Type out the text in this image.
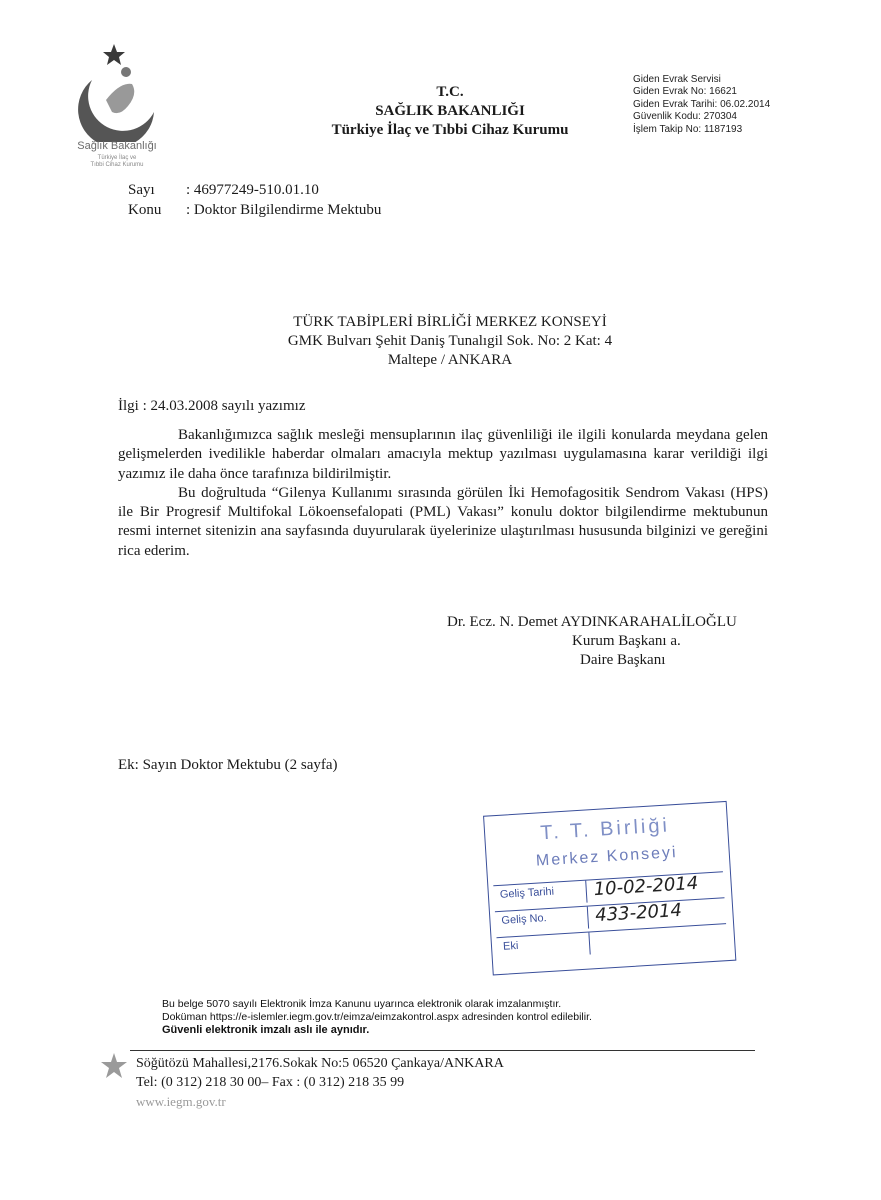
Sağlık Bakanlığı
Türkiye İlaç ve
Tıbbi Cihaz Kurumu
T.C.
SAĞLIK BAKANLIĞI
Türkiye İlaç ve Tıbbi Cihaz Kurumu
Giden Evrak Servisi
Giden Evrak No: 16621
Giden Evrak Tarihi: 06.02.2014
Güvenlik Kodu: 270304
İşlem Takip No: 1187193
Sayı : 46977249-510.01.10
Konu : Doktor Bilgilendirme Mektubu
TÜRK TABİPLERİ BİRLİĞİ MERKEZ KONSEYİ
GMK Bulvarı Şehit Daniş Tunalıgil Sok. No: 2 Kat: 4
Maltepe / ANKARA
İlgi : 24.03.2008 sayılı yazımız

Bakanlığımızca sağlık mesleği mensuplarının ilaç güvenliliği ile ilgili konularda meydana gelen gelişmelerden ivedilikle haberdar olmaları amacıyla mektup yazılması uygulamasına karar verildiği ilgi yazımız ile daha önce tarafınıza bildirilmiştir.

Bu doğrultuda “Gilenya Kullanımı sırasında görülen İki Hemofagositik Sendrom Vakası (HPS) ile Bir Progresif Multifokal Lökoensefalopati (PML) Vakası” konulu doktor bilgilendirme mektubunun resmi internet sitenizin ana sayfasında duyurularak üyelerinize ulaştırılması hususunda bilginizi ve gereğini rica ederim.

Dr. Ecz. N. Demet AYDINKARAHALİLOĞLU
Kurum Başkanı a.
Daire Başkanı
Ek: Sayın Doktor Mektubu (2 sayfa)
T. T. Birliği
Merkez Konseyi
Geliş Tarihi 10-02-2014
Geliş No.	433-2014
Eki
Bu belge 5070 sayılı Elektronik İmza Kanunu uyarınca elektronik olarak imzalanmıştır.
Doküman https://e-islemler.iegm.gov.tr/eimza/eimzakontrol.aspx adresinden kontrol edilebilir.
Güvenli elektronik imzalı aslı ile aynıdır.
Söğütözü Mahallesi,2176.Sokak No:5 06520 Çankaya/ANKARA
Tel: (0 312) 218 30 00– Fax : (0 312) 218 35 99
www.iegm.gov.tr
